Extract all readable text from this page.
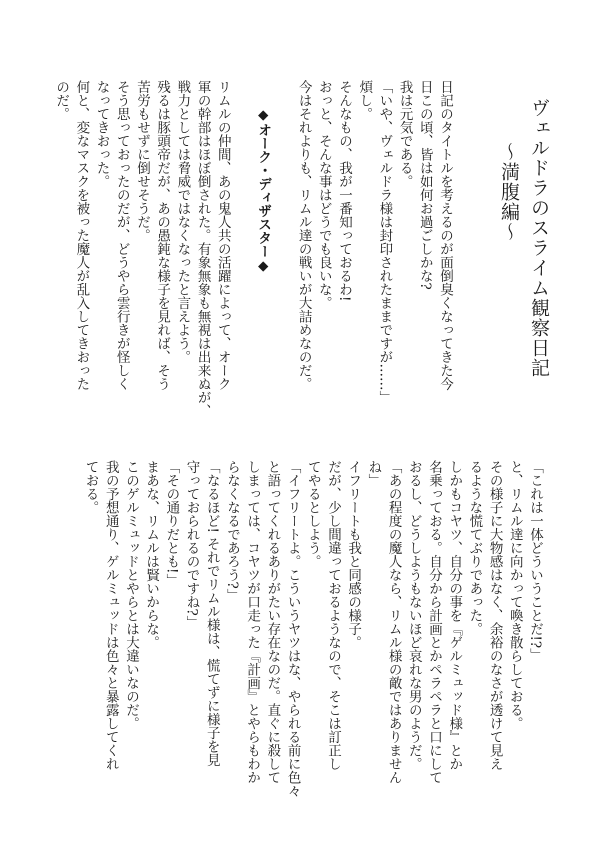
ヴェルドラのスライム観察日記
〜満腹編〜
日記のタイトルを考えるのが面倒臭くなってきた今
日この頃、皆は如何お過ごしかな?
我は元気である。
「いや、ヴェルドラ様は封印されたままですが……」
煩し。
そんなもの、我が一番知っておるわ!
おっと、そんな事はどうでも良いな。
今はそれよりも、リムル達の戦いが大詰めなのだ。

◆オーク・ディザスター◆

リムルの仲間、あの鬼人共の活躍によって、オーク
軍の幹部はほぼ倒された。有象無象も無視は出来ぬが、
戦力としては脅威ではなくなったと言えよう。
残るは豚頭帝だが、あの愚鈍な様子を見れば、そう
苦労もせずに倒せそうだ。
そう思っておったのだが、どうやら雲行きが怪しく
なってきおった。
何と、変なマスクを被った魔人が乱入してきおった
のだ。
「これは一体どういうことだ!?」
と、リムル達に向かって喚き散らしておる。
その様子に大物感はなく、余裕のなさが透けて見え
るような慌てぶりであった。
しかもコヤツ、自分の事を『ゲルミュッド様』とか
名乗っておる。自分から計画とかペラペラと口にして
おるし、どうしようもないほど哀れな男のようだ。
「あの程度の魔人なら、リムル様の敵ではありません
ね」
イフリートも我と同感の様子。
だが、少し間違っておるようなので、そこは訂正し
てやるとしよう。
「イフリートよ。こういうヤツはな、やられる前に色々
と語ってくれるありがたい存在なのだ。直ぐに殺して
しまっては、コヤツが口走った『計画』とやらもわか
らなくなるであろう?」
「なるほど! それでリムル様は、慌てずに様子を見
守っておられるのですね?」
「その通りだとも!」
まあな、リムルは賢いからな。
このゲルミュッドとやらとは大違いなのだ。
我の予想通り、ゲルミュッドは色々と暴露してくれ
ておる。
